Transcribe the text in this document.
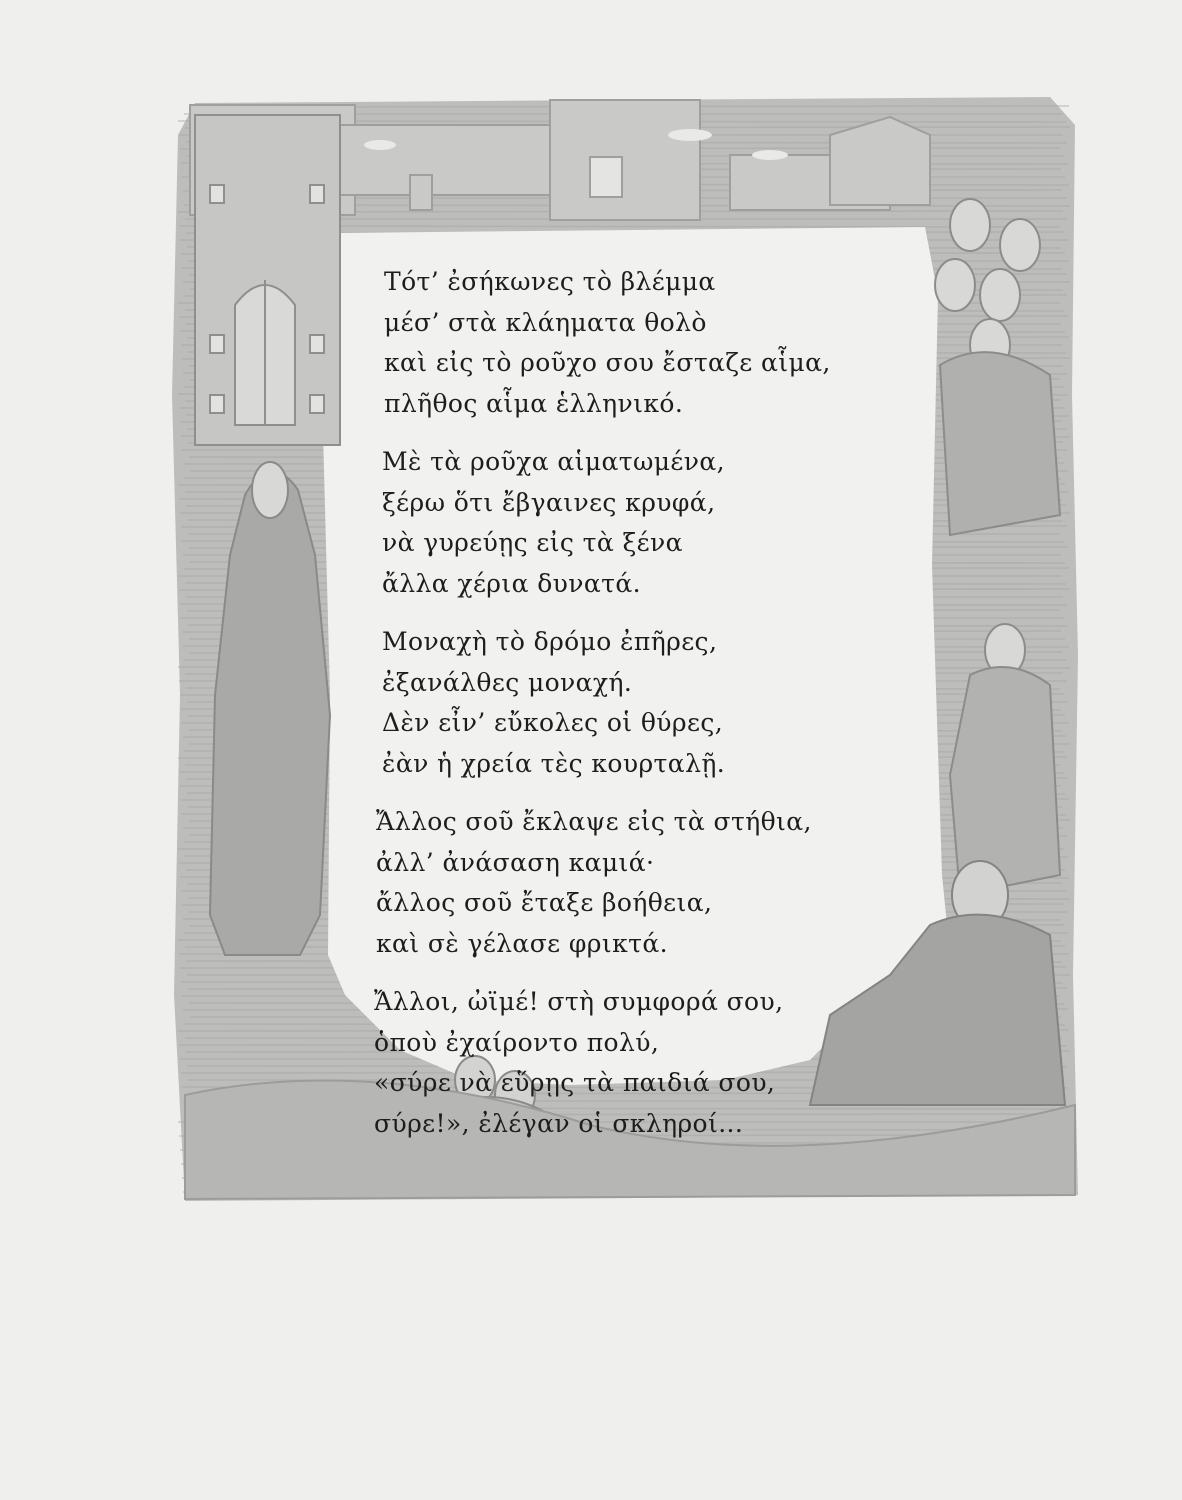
Τότ’ ἐσήκωνες τὸ βλέμμα
μέσ’ στὰ κλάηματα θολὸ
καὶ εἰς τὸ ροῦχο σου ἔσταζε αἷμα,
πλῆθος αἷμα ἑλληνικό.
Μὲ τὰ ροῦχα αἱματωμένα,
ξέρω ὅτι ἔβγαινες κρυφά,
νὰ γυρεύῃς εἰς τὰ ξένα
ἄλλα χέρια δυνατά.
Μοναχὴ τὸ δρόμο ἐπῆρες,
ἐξανάλθες μοναχή.
Δὲν εἶν’ εὔκολες οἱ θύρες,
ἐὰν ἡ χρεία τὲς κουρταλῇ.
Ἄλλος σοῦ ἔκλαψε εἰς τὰ στήθια,
ἀλλ’ ἀνάσαση καμιά·
ἄλλος σοῦ ἔταξε βοήθεια,
καὶ σὲ γέλασε φρικτά.
Ἄλλοι, ὠϊμέ! στὴ συμφορά σου,
ὁποὺ ἐχαίροντο πολύ,
«σύρε νὰ εὕρῃς τὰ παιδιά σου,
σύρε!», ἐλέγαν οἱ σκληροί...
